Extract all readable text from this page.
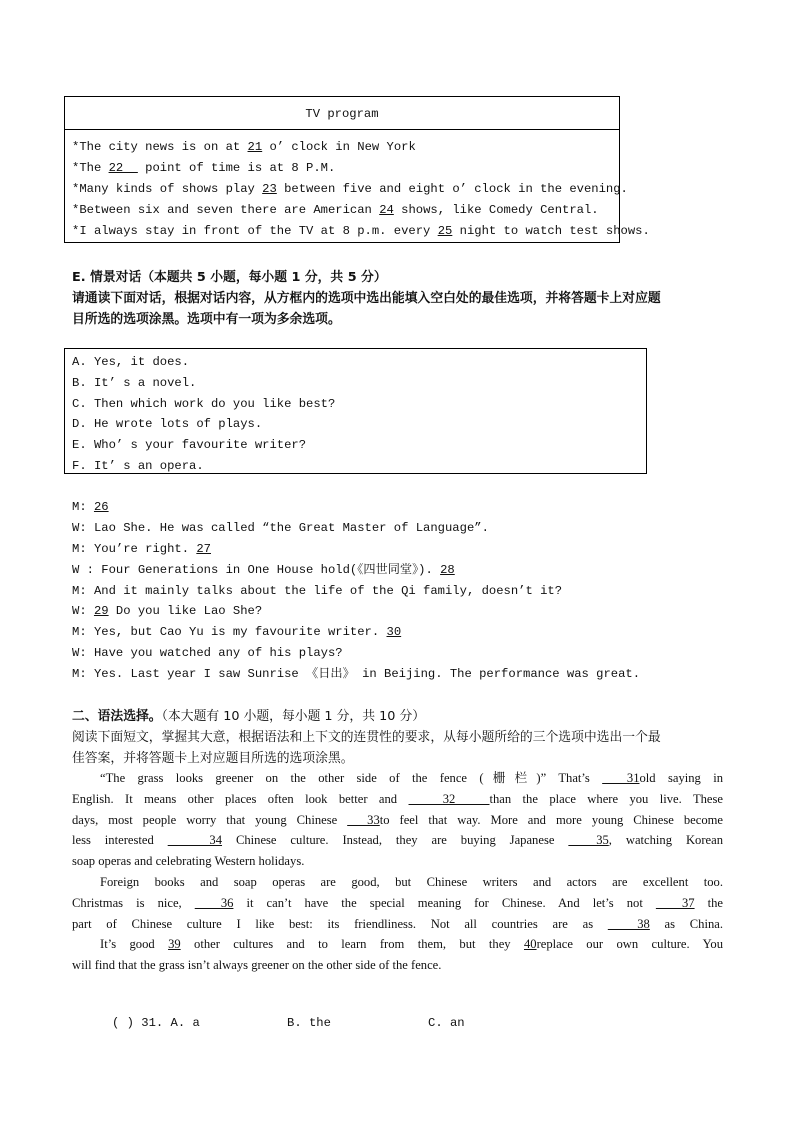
TV program
*The city news is on at 21 o’ clock in New York
*The 22   point of time is at 8 P.M.
*Many kinds of shows play 23 between five and eight o’ clock in the evening.
*Between six and seven there are American 24 shows, like Comedy Central.
*I always stay in front of the TV at 8 p.m. every 25 night to watch test shows.
E. 情景对话（本题共 5 小题，每小题 1 分，共 5 分）
请通读下面对话，根据对话内容，从方框内的选项中选出能填入空白处的最佳选项，并将答题卡上对应题
目所选的选项涂黑。选项中有一项为多余选项。
A. Yes, it does.
B. It’ s a novel.
C. Then which work do you like best?
D. He wrote lots of plays.
E. Who’ s your favourite writer?
F. It’ s an opera.
M: 26
W: Lao She. He was called “the Great Master of Language”.
M: You’re right. 27
W : Four Generations in One House hold(《四世同堂》). 28
M: And it mainly talks about the life of the Qi family, doesn’t it?
W: 29 Do you like Lao She?
M: Yes, but Cao Yu is my favourite writer. 30
W: Have you watched any of his plays?
M: Yes. Last year I saw Sunrise 《日出》 in Beijing. The performance was great.
二、语法选择。（本大题有 10 小题，每小题 1 分，共 10 分）
阅读下面短文，掌握其大意，根据语法和上下文的连贯性的要求，从每小题所给的三个选项中选出一个最
佳答案，并将答题卡上对应题目所选的选项涂黑。
“The grass looks greener on the other side of the fence (栅栏)” That’s   31old saying in
English. It means other places often look better and    32   than the place where you live. These
days, most people worry that young Chinese   33to feel that way. More and more young Chinese become
less interested    34 Chinese culture. Instead, they are buying Japanese   35, watching Korean
soap operas and celebrating Western holidays.
Foreign books and soap operas are good, but Chinese writers and actors are excellent too.
Christmas is nice,   36 it can’t have the special meaning for Chinese. And let’s not   37 the
part of Chinese culture I like best: its friendliness. Not all countries are as   38 as China.
It’s good 39 other cultures and to learn from them, but they 40replace our own culture. You
will find that the grass isn’t always greener on the other side of the fence.
( ) 31. A. a	B. the	C. an
